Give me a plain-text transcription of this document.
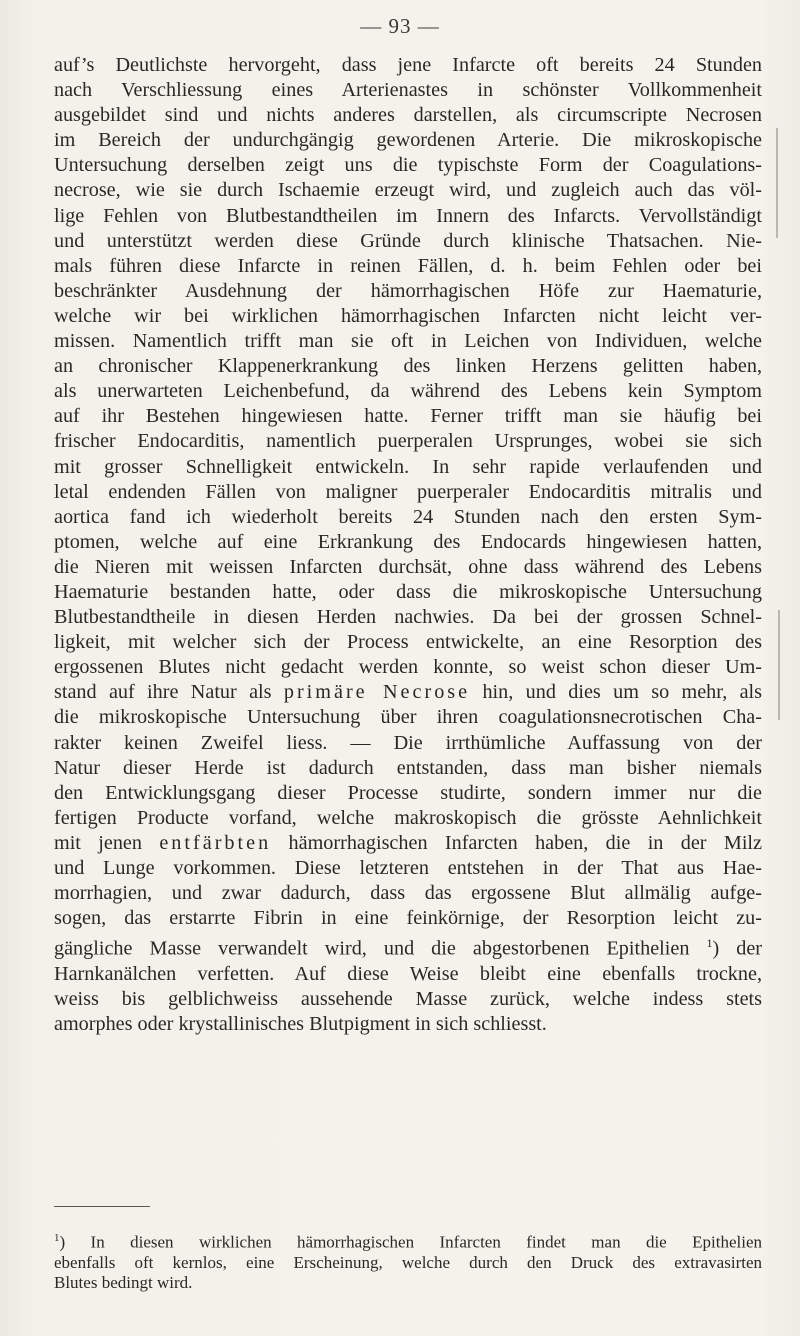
— 93 —

auf’s Deutlichste hervorgeht, dass jene Infarcte oft bereits 24 Stunden
nach Verschliessung eines Arterienastes in schönster Vollkommenheit
ausgebildet sind und nichts anderes darstellen, als circumscripte Necrosen
im Bereich der undurchgängig gewordenen Arterie. Die mikroskopische
Untersuchung derselben zeigt uns die typischste Form der Coagulations-
necrose, wie sie durch Ischaemie erzeugt wird, und zugleich auch das völ-
lige Fehlen von Blutbestandtheilen im Innern des Infarcts. Vervollständigt
und unterstützt werden diese Gründe durch klinische Thatsachen. Nie-
mals führen diese Infarcte in reinen Fällen, d. h. beim Fehlen oder bei
beschränkter Ausdehnung der hämorrhagischen Höfe zur Haematurie,
welche wir bei wirklichen hämorrhagischen Infarcten nicht leicht ver-
missen. Namentlich trifft man sie oft in Leichen von Individuen, welche
an chronischer Klappenerkrankung des linken Herzens gelitten haben,
als unerwarteten Leichenbefund, da während des Lebens kein Symptom
auf ihr Bestehen hingewiesen hatte. Ferner trifft man sie häufig bei
frischer Endocarditis, namentlich puerperalen Ursprunges, wobei sie sich
mit grosser Schnelligkeit entwickeln. In sehr rapide verlaufenden und
letal endenden Fällen von maligner puerperaler Endocarditis mitralis und
aortica fand ich wiederholt bereits 24 Stunden nach den ersten Sym-
ptomen, welche auf eine Erkrankung des Endocards hingewiesen hatten,
die Nieren mit weissen Infarcten durchsät, ohne dass während des Lebens
Haematurie bestanden hatte, oder dass die mikroskopische Untersuchung
Blutbestandtheile in diesen Herden nachwies. Da bei der grossen Schnel-
ligkeit, mit welcher sich der Process entwickelte, an eine Resorption des
ergossenen Blutes nicht gedacht werden konnte, so weist schon dieser Um-
stand auf ihre Natur als primäre Necrose hin, und dies um so mehr, als
die mikroskopische Untersuchung über ihren coagulationsnecrotischen Cha-
rakter keinen Zweifel liess. — Die irrthümliche Auffassung von der
Natur dieser Herde ist dadurch entstanden, dass man bisher niemals
den Entwicklungsgang dieser Processe studirte, sondern immer nur die
fertigen Producte vorfand, welche makroskopisch die grösste Aehnlichkeit
mit jenen entfärbten hämorrhagischen Infarcten haben, die in der Milz
und Lunge vorkommen. Diese letzteren entstehen in der That aus Hae-
morrhagien, und zwar dadurch, dass das ergossene Blut allmälig aufge-
sogen, das erstarrte Fibrin in eine feinkörnige, der Resorption leicht zu-
gängliche Masse verwandelt wird, und die abgestorbenen Epithelien $^1$) der
Harnkanälchen verfetten. Auf diese Weise bleibt eine ebenfalls trockne,
weiss bis gelblichweiss aussehende Masse zurück, welche indess stets
amorphes oder krystallinisches Blutpigment in sich schliesst.

$^1$) In diesen wirklichen hämorrhagischen Infarcten findet man die Epithelien
ebenfalls oft kernlos, eine Erscheinung, welche durch den Druck des extravasirten
Blutes bedingt wird.
